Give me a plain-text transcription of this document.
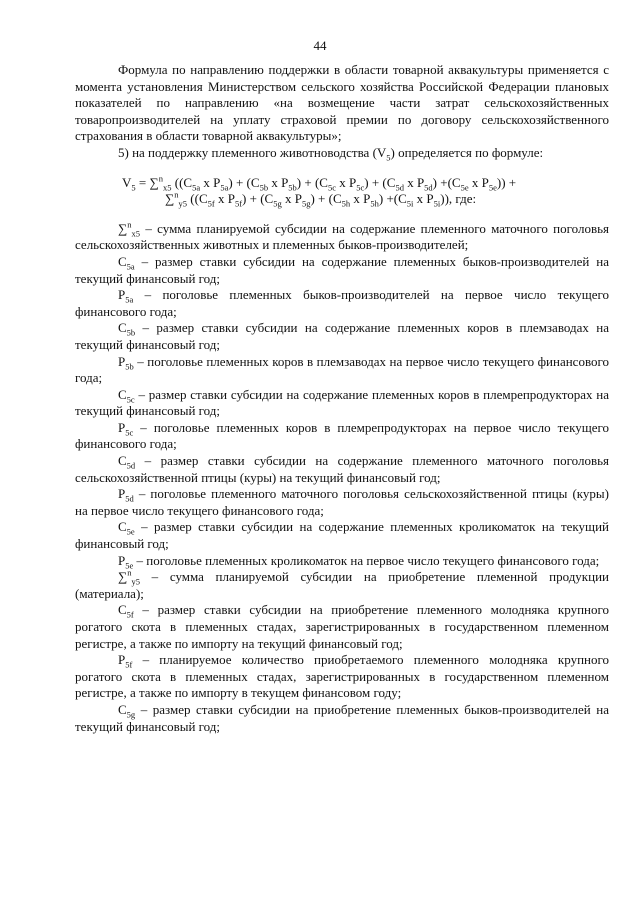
44

Формула по направлению поддержки в области товарной аквакультуры применяется с момента установления Министерством сельского хозяйства Российской Федерации плановых показателей по направлению «на возмещение части затрат сельскохозяйственных товаропроизводителей на уплату страховой премии по договору сельскохозяйственного страхования в области товарной аквакультуры»;

5) на поддержку племенного животноводства $(V_5)$ определяется по формуле:

$V_5 = \sum^n_{x5}$ (($C_{5a}$ x $P_{5a}) + (C_{5b}$ x $P_{5b}) + (C_{5c}$ x $P_{5c}) + (C_{5d}$ x $P_{5d}) +(C_{5e}$ x $P_{5e}$)) +
∑$^n_{y5}$ (($C_{5f}$ x $P_{5f}) + (C_{5g}$ x $P_{5g}) + (C_{5h}$ x $P_{5h}) +(C_{5i}$ x $P_{5i}$)), где:

∑$^n_{x5}$ – сумма планируемой субсидии на содержание племенного маточного поголовья сельскохозяйственных животных и племенных быков-производителей;

$C_{5a}$ – размер ставки субсидии на содержание племенных быков-производителей на текущий финансовый год;

$P_{5a}$ – поголовье племенных быков-производителей на первое число текущего финансового года;

$C_{5b}$ – размер ставки субсидии на содержание племенных коров в племзаводах на текущий финансовый год;

$P_{5b}$ – поголовье племенных коров в племзаводах на первое число текущего финансового года;

$C_{5c}$ – размер ставки субсидии на содержание племенных коров в племрепродукторах на текущий финансовый год;

$P_{5c}$ – поголовье племенных коров в племрепродукторах на первое число текущего финансового года;

$C_{5d}$ – размер ставки субсидии на содержание племенного маточного поголовья сельскохозяйственной птицы (куры) на текущий финансовый год;

$P_{5d}$ – поголовье племенного маточного поголовья сельскохозяйственной птицы (куры) на первое число текущего финансового года;

$C_{5e}$ – размер ставки субсидии на содержание племенных кроликоматок на текущий финансовый год;

$P_{5e}$ – поголовье племенных кроликоматок на первое число текущего финансового года;

∑$^n_{y5}$ – сумма планируемой субсидии на приобретение племенной продукции (материала);

$C_{5f}$ – размер ставки субсидии на приобретение племенного молодняка крупного рогатого скота в племенных стадах, зарегистрированных в государственном племенном регистре, а также по импорту на текущий финансовый год;

$P_{5f}$ – планируемое количество приобретаемого племенного молодняка крупного рогатого скота в племенных стадах, зарегистрированных в государственном племенном регистре, а также по импорту в текущем финансовом году;

$C_{5g}$ – размер ставки субсидии на приобретение племенных быков-производителей на текущий финансовый год;
